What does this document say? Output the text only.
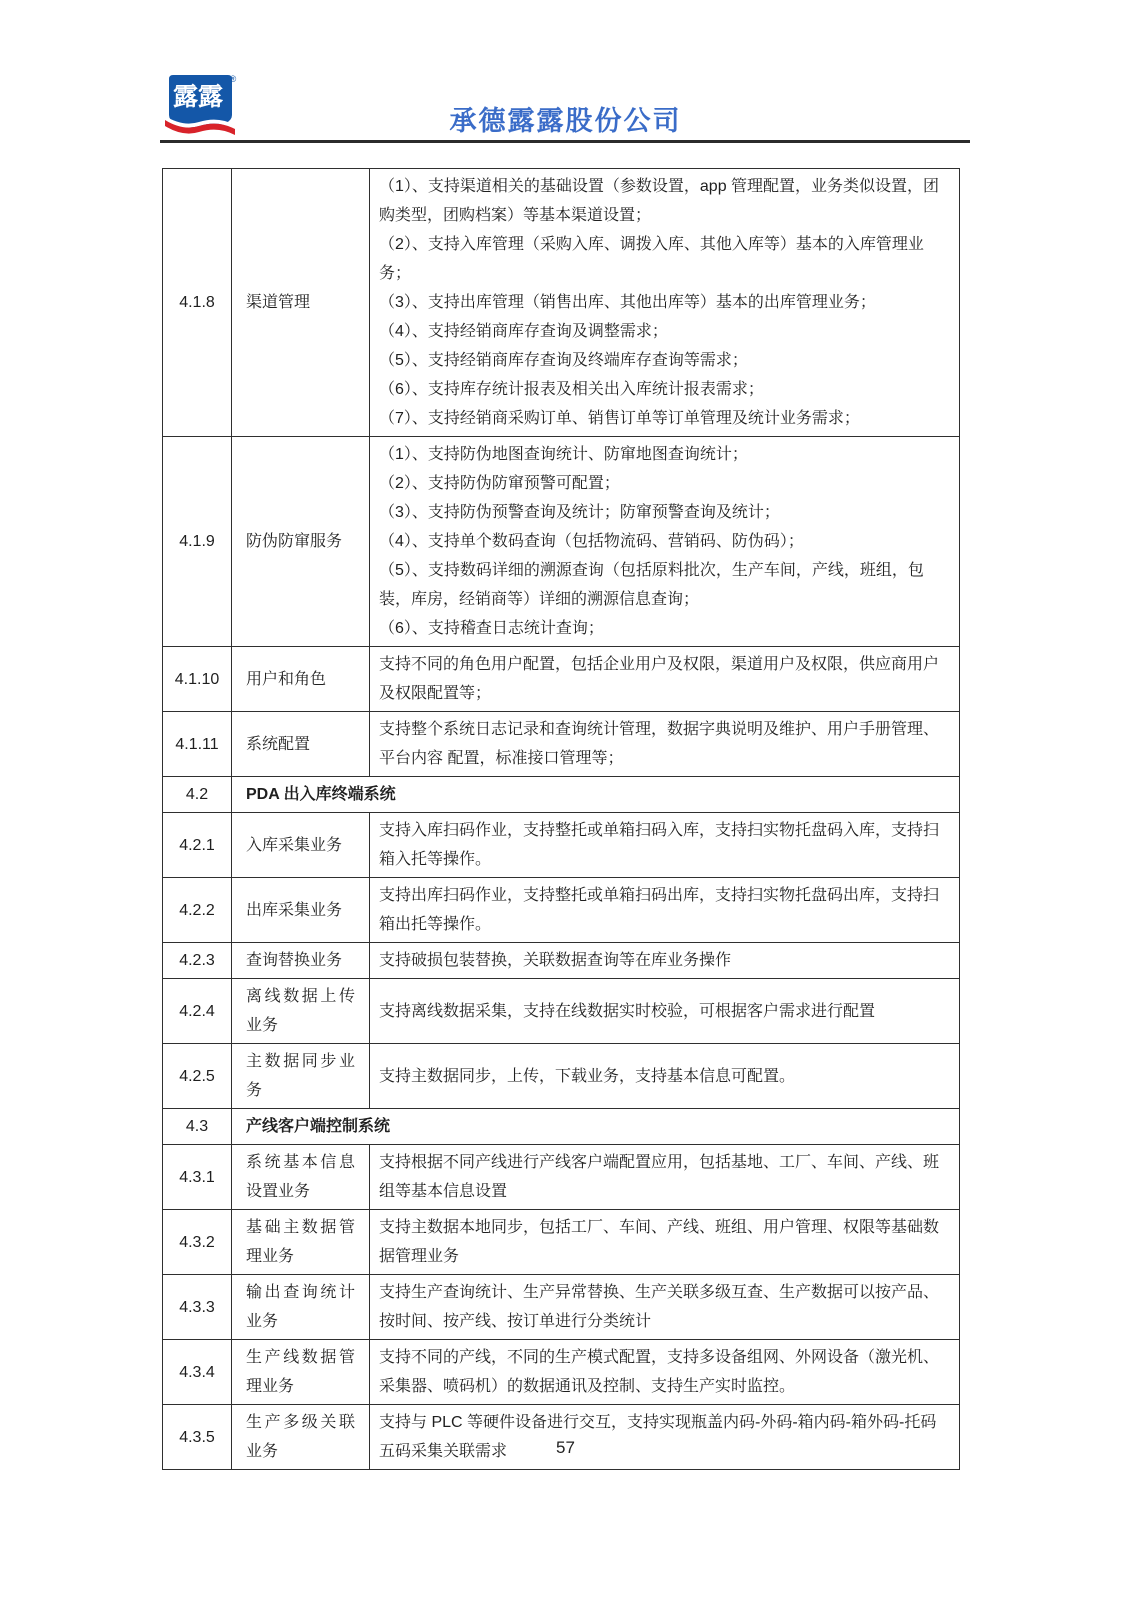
露露
®
承德露露股份公司
4.1.8	渠道管理	
（1）、支持渠道相关的基础设置（参数设置，app 管理配置，业务类似设置，团购类型，团购档案）等基本渠道设置；
（2）、支持入库管理（采购入库、调拨入库、其他入库等）基本的入库管理业务；
（3）、支持出库管理（销售出库、其他出库等）基本的出库管理业务；
（4）、支持经销商库存查询及调整需求；
（5）、支持经销商库存查询及终端库存查询等需求；
（6）、支持库存统计报表及相关出入库统计报表需求；
（7）、支持经销商采购订单、销售订单等订单管理及统计业务需求；

4.1.9	防伪防窜服务	
（1）、支持防伪地图查询统计、防窜地图查询统计；
（2）、支持防伪防窜预警可配置；
（3）、支持防伪预警查询及统计；防窜预警查询及统计；
（4）、支持单个数码查询（包括物流码、营销码、防伪码）；
（5）、支持数码详细的溯源查询（包括原料批次，生产车间，产线，班组，包装，库房，经销商等）详细的溯源信息查询；
（6）、支持稽查日志统计查询；

4.1.10	用户和角色	支持不同的角色用户配置，包括企业用户及权限，渠道用户及权限，供应商用户及权限配置等；

4.1.11	系统配置	支持整个系统日志记录和查询统计管理，数据字典说明及维护、用户手册管理、平台内容 配置，标准接口管理等；

4.2	PDA 出入库终端系统	
4.2.1	入库采集业务	支持入库扫码作业，支持整托或单箱扫码入库，支持扫实物托盘码入库，支持扫箱入托等操作。

4.2.2	出库采集业务	支持出库扫码作业，支持整托或单箱扫码出库，支持扫实物托盘码出库，支持扫箱出托等操作。

4.2.3	查询替换业务	支持破损包装替换，关联数据查询等在库业务操作

4.2.4	离线数据上传业务	支持离线数据采集，支持在线数据实时校验，可根据客户需求进行配置

4.2.5	主数据同步业务	支持主数据同步，上传，下载业务，支持基本信息可配置。

4.3	产线客户端控制系统	
4.3.1	系统基本信息设置业务	支持根据不同产线进行产线客户端配置应用，包括基地、工厂、车间、产线、班组等基本信息设置

4.3.2	基础主数据管理业务	支持主数据本地同步，包括工厂、车间、产线、班组、用户管理、权限等基础数据管理业务

4.3.3	输出查询统计业务	支持生产查询统计、生产异常替换、生产关联多级互查、生产数据可以按产品、按时间、按产线、按订单进行分类统计

4.3.4	生产线数据管理业务	支持不同的产线，不同的生产模式配置，支持多设备组网、外网设备（激光机、采集器、喷码机）的数据通讯及控制、支持生产实时监控。

4.3.5	生产多级关联业务	支持与 PLC 等硬件设备进行交互，支持实现瓶盖内码-外码-箱内码-箱外码-托码五码采集关联需求	57
